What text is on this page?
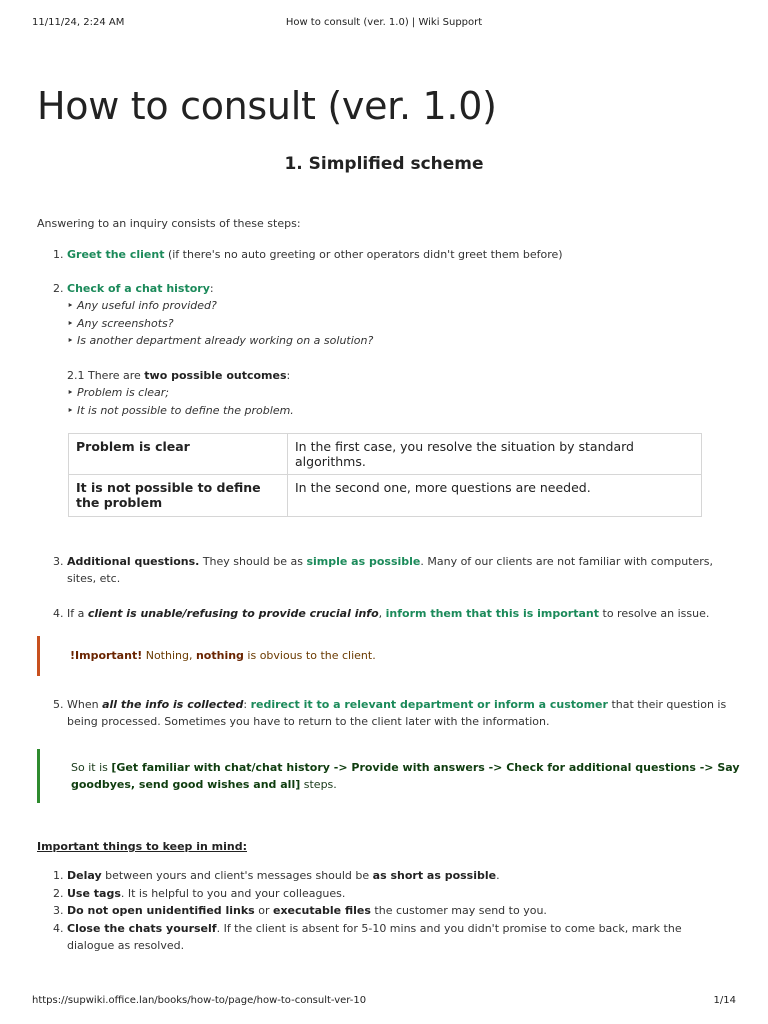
11/11/24, 2:24 AM	How to consult (ver. 1.0) | Wiki Support
How to consult (ver. 1.0)
1. Simplified scheme

Answering to an inquiry consists of these steps:

1. Greet the client (if there's no auto greeting or other operators didn't greet them before)
2. Check of a chat history:

‣ Any useful info provided?

‣ Any screenshots?

‣ Is another department already working on a solution?

2.1 There are two possible outcomes:

‣ Problem is clear;

‣ It is not possible to define the problem.

Problem is clear	In the first case, you resolve the situation by standard algorithms.
It is not possible to define the problem	In the second one, more questions are needed.
3. Additional questions. They should be as simple as possible. Many of our clients are not familiar with computers, sites, etc.
4. If a client is unable/refusing to provide crucial info, inform them that this is important to resolve an issue.
!Important! Nothing, nothing is obvious to the client.
5. When all the info is collected: redirect it to a relevant department or inform a customer that their question is being processed. Sometimes you have to return to the client later with the information.
So it is [Get familiar with chat/chat history -> Provide with answers -> Check for additional questions -> Say goodbyes, send good wishes and all] steps.

Important things to keep in mind:

1. Delay between yours and client's messages should be as short as possible.
2. Use tags. It is helpful to you and your colleagues.
3. Do not open unidentified links or executable files the customer may send to you.
4. Close the chats yourself. If the client is absent for 5-10 mins and you didn't promise to come back, mark the dialogue as resolved.
https://supwiki.office.lan/books/how-to/page/how-to-consult-ver-10	1/14
